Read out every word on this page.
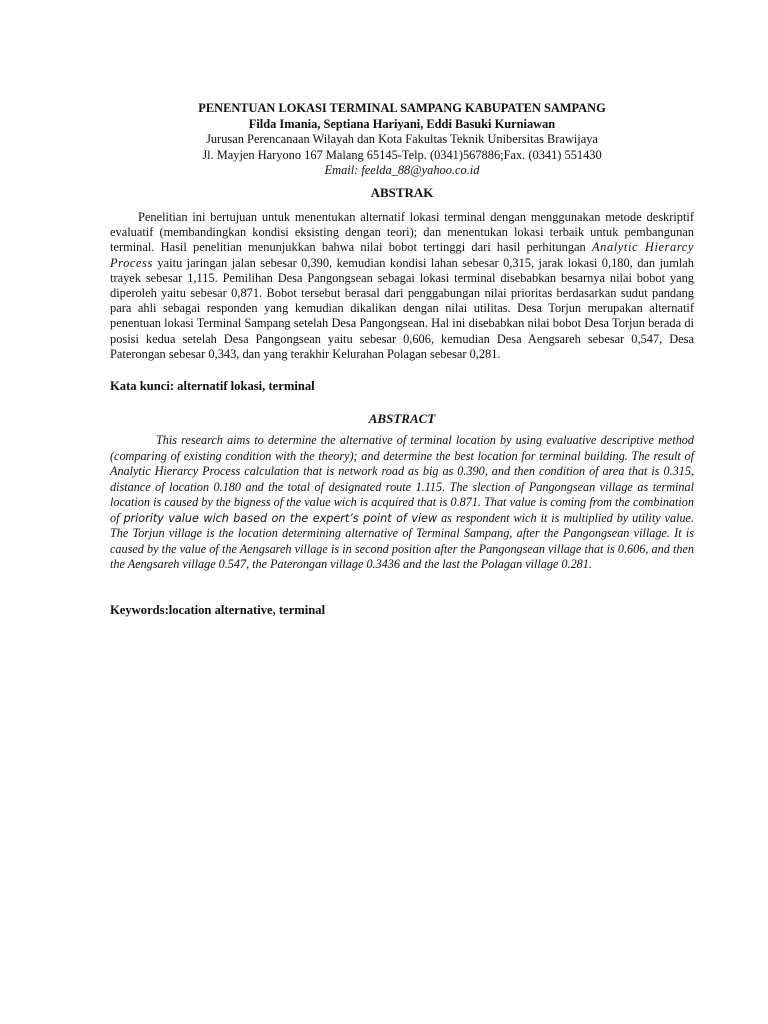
PENENTUAN LOKASI TERMINAL SAMPANG KABUPATEN SAMPANG
Filda Imania, Septiana Hariyani, Eddi Basuki Kurniawan
Jurusan Perencanaan Wilayah dan Kota Fakultas Teknik Unibersitas Brawijaya
Jl. Mayjen Haryono 167 Malang 65145-Telp. (0341)567886;Fax. (0341) 551430
Email: feelda_88@yahoo.co.id
ABSTRAK

Penelitian ini bertujuan untuk menentukan alternatif lokasi terminal dengan menggunakan metode deskriptif evaluatif (membandingkan kondisi eksisting dengan teori); dan menentukan lokasi terbaik untuk pembangunan terminal. Hasil penelitian menunjukkan bahwa nilai bobot tertinggi dari hasil perhitungan Analytic Hierarcy Process yaitu jaringan jalan sebesar 0,390, kemudian kondisi lahan sebesar 0,315, jarak lokasi 0,180, dan jumlah trayek sebesar 1,115. Pemilihan Desa Pangongsean sebagai lokasi terminal disebabkan besarnya nilai bobot yang diperoleh yaitu sebesar 0,871. Bobot tersebut berasal dari penggabungan nilai prioritas berdasarkan sudut pandang para ahli sebagai responden yang kemudian dikalikan dengan nilai utilitas. Desa Torjun merupakan alternatif penentuan lokasi Terminal Sampang setelah Desa Pangongsean. Hal ini disebabkan nilai bobot Desa Torjun berada di posisi kedua setelah Desa Pangongsean yaitu sebesar 0,606, kemudian Desa Aengsareh sebesar 0,547, Desa Paterongan sebesar 0,343, dan yang terakhir Kelurahan Polagan sebesar 0,281.

Kata kunci: alternatif lokasi, terminal

ABSTRACT

This research aims to determine the alternative of terminal location by using evaluative descriptive method (comparing of existing condition with the theory); and determine the best location for terminal building. The result of Analytic Hierarcy Process calculation that is network road as big as 0.390, and then condition of area that is 0.315, distance of location 0.180 and the total of designated route 1.115. The slection of Pangongsean village as terminal location is caused by the bigness of the value wich is acquired that is 0.871. That value is coming from the combination of priority value wich based on the expert’s point of view as respondent wich it is multiplied by utility value. The Torjun village is the location determining alternative of Terminal Sampang, after the Pangongsean village. It is caused by the value of the Aengsareh village is in second position after the Pangongsean village that is 0.606, and then the Aengsareh village 0.547, the Paterongan village 0.3436 and the last the Polagan village 0.281.

Keywords:location alternative, terminal
